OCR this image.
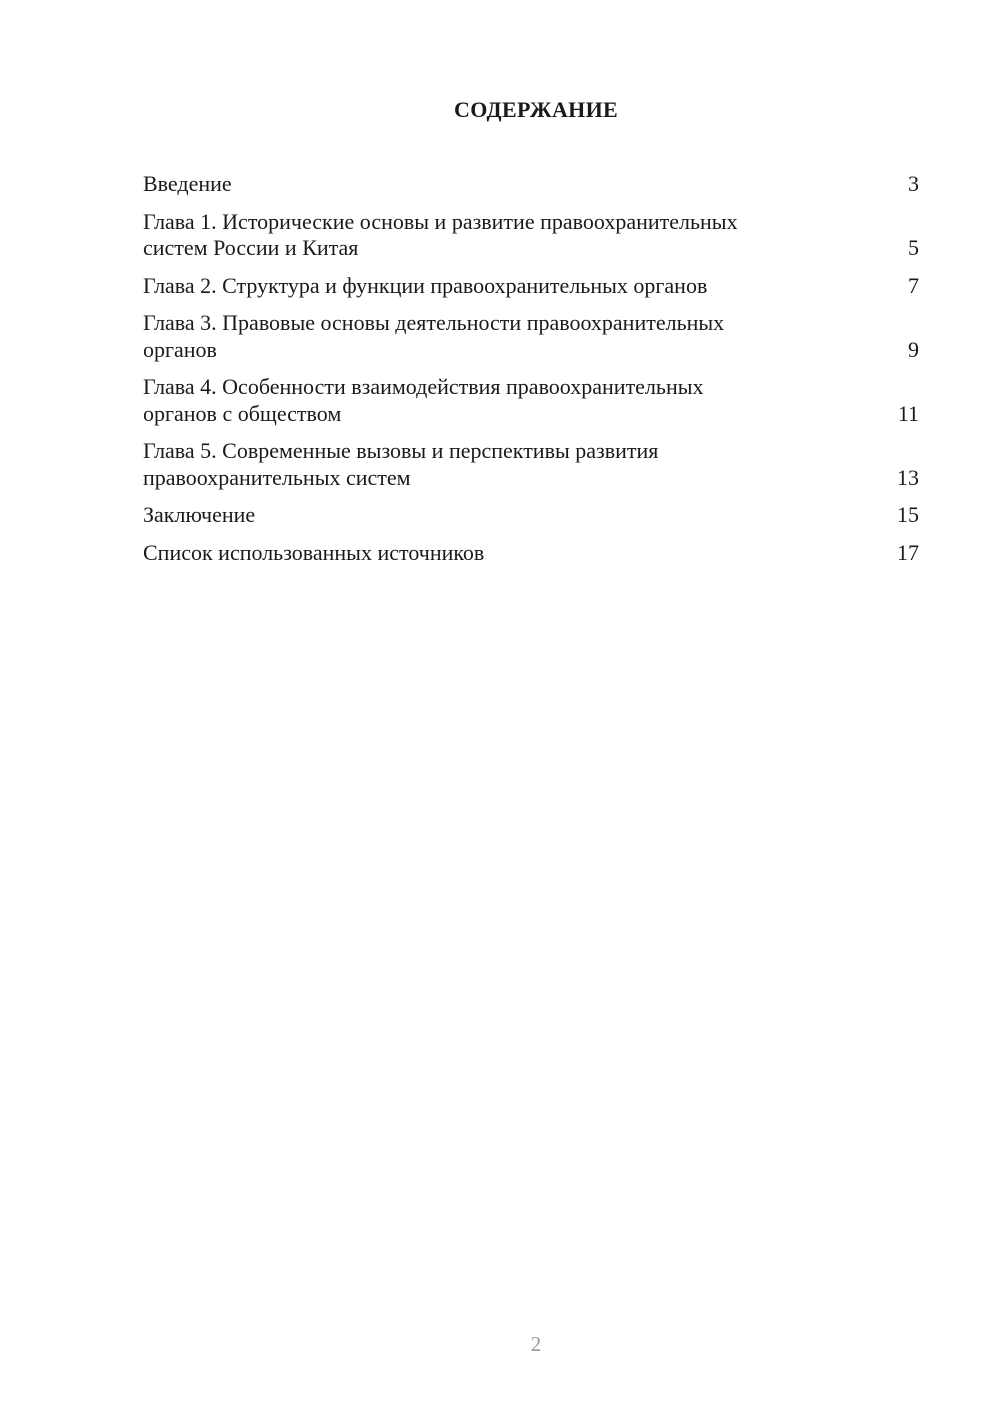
СОДЕРЖАНИЕ
Введение	3
Глава 1. Исторические основы и развитие правоохранительных
систем России и Китая	5
Глава 2. Структура и функции правоохранительных органов	7
Глава 3. Правовые основы деятельности правоохранительных
органов	9
Глава 4. Особенности взаимодействия правоохранительных
органов с обществом	11
Глава 5. Современные вызовы и перспективы развития
правоохранительных систем	13
Заключение	15
Список использованных источников	17
2
